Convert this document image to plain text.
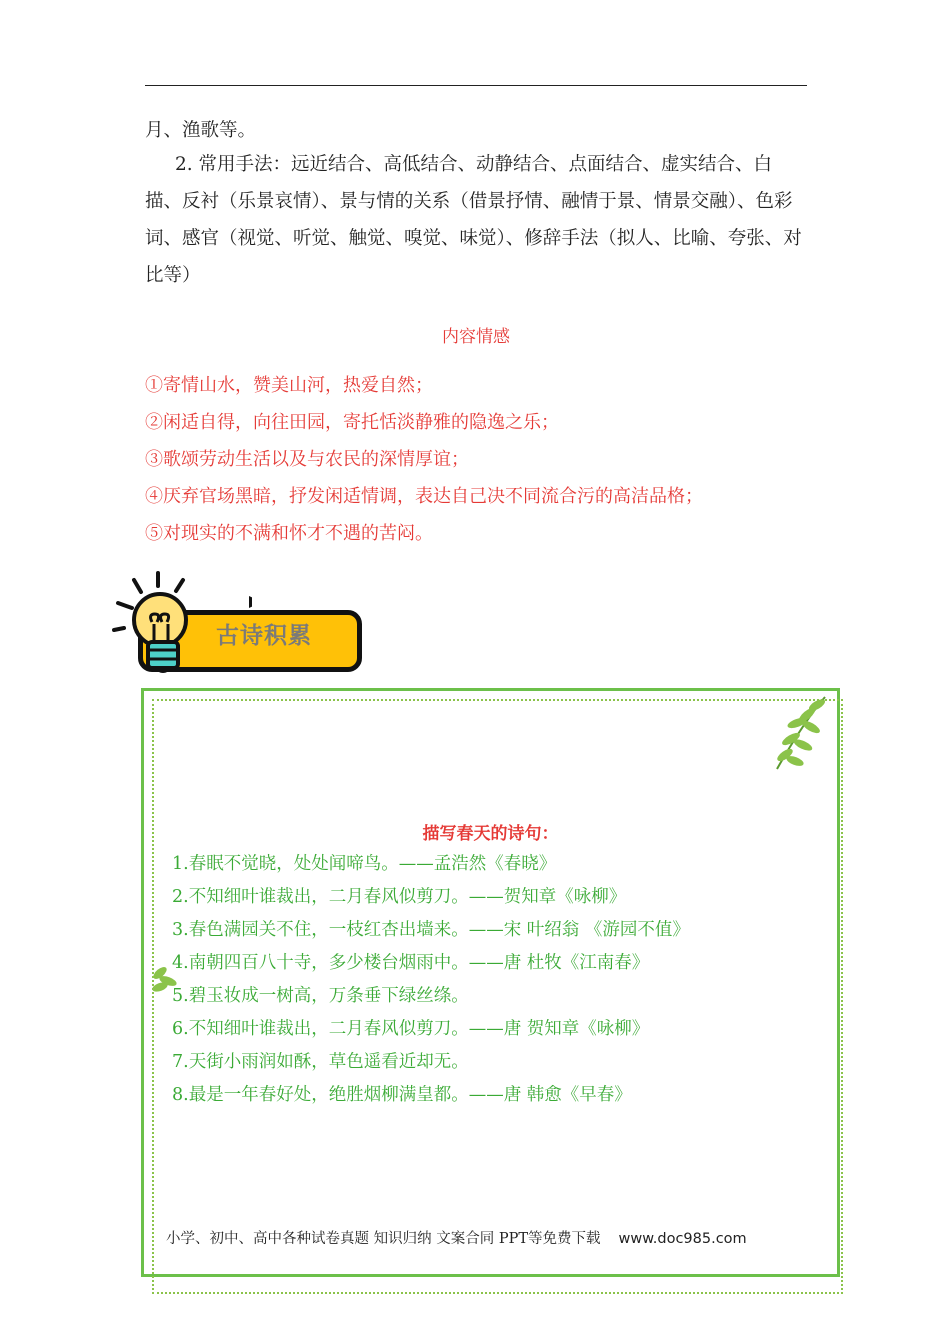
月、渔歌等。
2. 常用手法：远近结合、高低结合、动静结合、点面结合、虚实结合、白描、反衬（乐景哀情）、景与情的关系（借景抒情、融情于景、情景交融）、色彩词、感官（视觉、听觉、触觉、嗅觉、味觉）、修辞手法（拟人、比喻、夸张、对比等）
内容情感
①寄情山水，赞美山河，热爱自然；
②闲适自得，向往田园，寄托恬淡静雅的隐逸之乐；
③歌颂劳动生活以及与农民的深情厚谊；
④厌弃官场黑暗，抒发闲适情调，表达自己决不同流合污的高洁品格；
⑤对现实的不满和怀才不遇的苦闷。
古诗积累
描写春天的诗句：
1.春眠不觉晓，处处闻啼鸟。——孟浩然《春晓》
2.不知细叶谁裁出，二月春风似剪刀。——贺知章《咏柳》
3.春色满园关不住，一枝红杏出墙来。——宋 叶绍翁 《游园不值》
4.南朝四百八十寺，多少楼台烟雨中。——唐 杜牧《江南春》
5.碧玉妆成一树高，万条垂下绿丝绦。
6.不知细叶谁裁出，二月春风似剪刀。——唐 贺知章《咏柳》
7.天街小雨润如酥，草色遥看近却无。
8.最是一年春好处，绝胜烟柳满皇都。——唐 韩愈《早春》
小学、初中、高中各种试卷真题 知识归纳 文案合同 PPT等免费下载 www.doc985.com
